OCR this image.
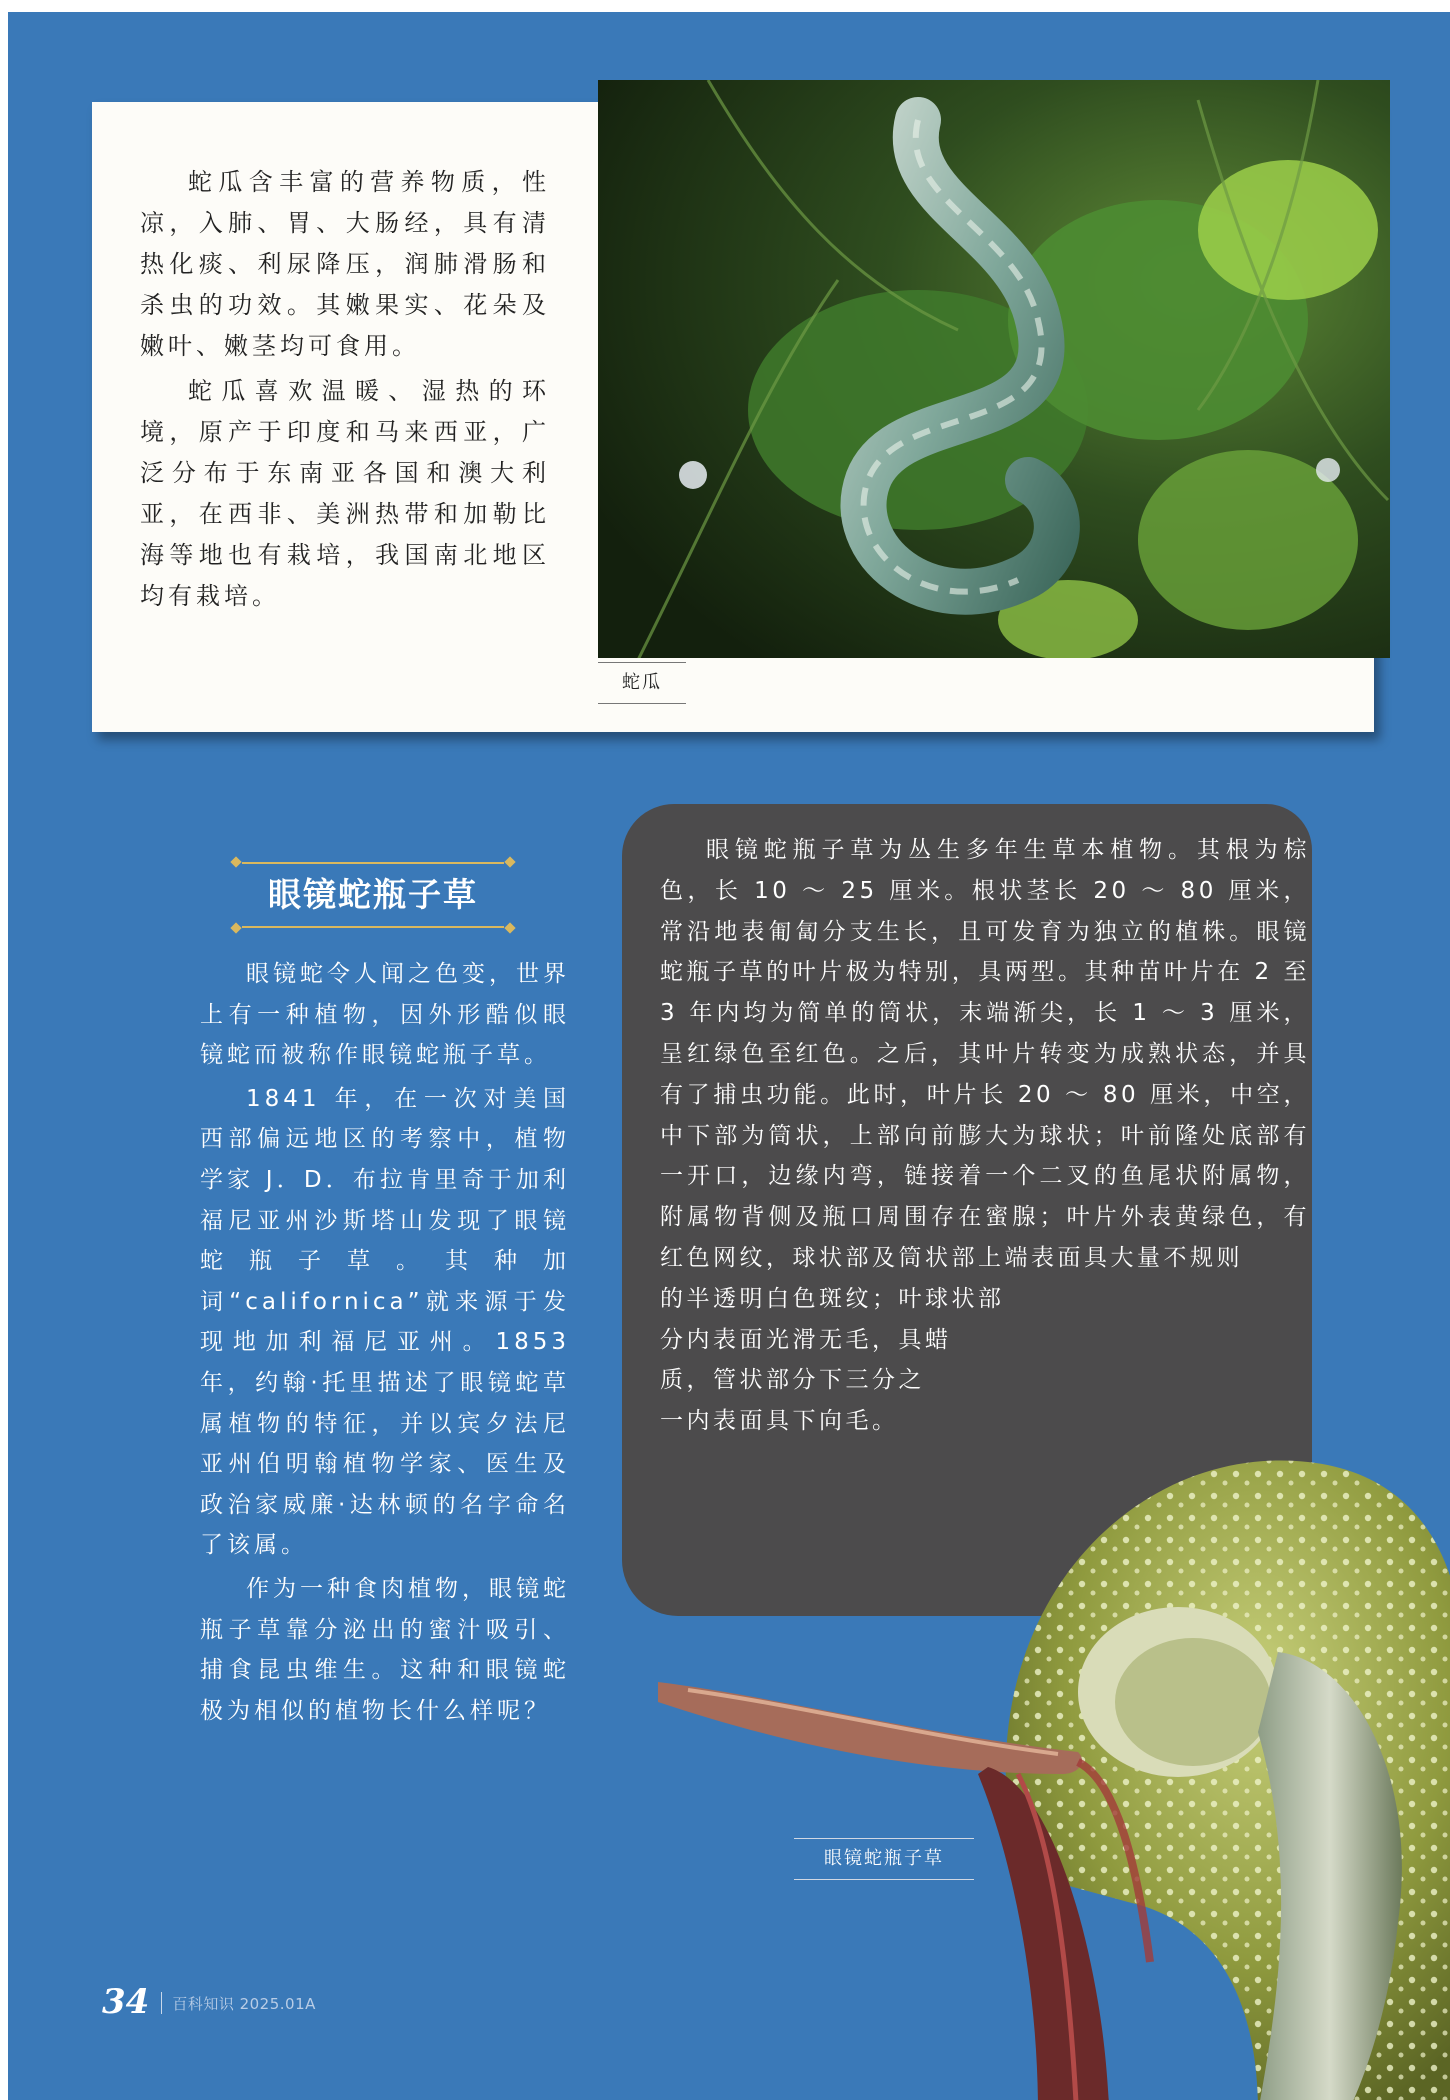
蛇瓜含丰富的营养物质，性凉，入肺、胃、大肠经，具有清热化痰、利尿降压，润肺滑肠和杀虫的功效。其嫩果实、花朵及嫩叶、嫩茎均可食用。

蛇瓜喜欢温暖、湿热的环境，原产于印度和马来西亚，广泛分布于东南亚各国和澳大利亚，在西非、美洲热带和加勒比海等地也有栽培，我国南北地区均有栽培。

蛇瓜
眼镜蛇瓶子草

眼镜蛇令人闻之色变，世界上有一种植物，因外形酷似眼镜蛇而被称作眼镜蛇瓶子草。

1841 年，在一次对美国西部偏远地区的考察中，植物学家 J．D．布拉肯里奇于加利福尼亚州沙斯塔山发现了眼镜蛇瓶子草。其种加词“californica”就来源于发现地加利福尼亚州。1853 年，约翰·托里描述了眼镜蛇草属植物的特征，并以宾夕法尼亚州伯明翰植物学家、医生及政治家威廉·达林顿的名字命名了该属。

作为一种食肉植物，眼镜蛇瓶子草靠分泌出的蜜汁吸引、捕食昆虫维生。这种和眼镜蛇极为相似的植物长什么样呢？

眼镜蛇瓶子草为丛生多年生草本植物。其根为棕色，长 10 ～ 25 厘米。根状茎长 20 ～ 80 厘米，常沿地表匍匐分支生长，且可发育为独立的植株。眼镜蛇瓶子草的叶片极为特别，具两型。其种苗叶片在 2 至 3 年内均为简单的筒状，末端渐尖，长 1 ～ 3 厘米，呈红绿色至红色。之后，其叶片转变为成熟状态，并具有了捕虫功能。此时，叶片长 20 ～ 80 厘米，中空，中下部为筒状，上部向前膨大为球状；叶前隆处底部有一开口，边缘内弯，链接着一个二叉的鱼尾状附属物，附属物背侧及瓶口周围存在蜜腺；叶片外表黄绿色，有红色网纹，球状部及筒状部上端表面具大量不规则

的半透明白色斑纹；叶球状部
分内表面光滑无毛，具蜡
质，管状部分下三分之
一内表面具下向毛。
眼镜蛇瓶子草
34 百科知识 2025.01A
